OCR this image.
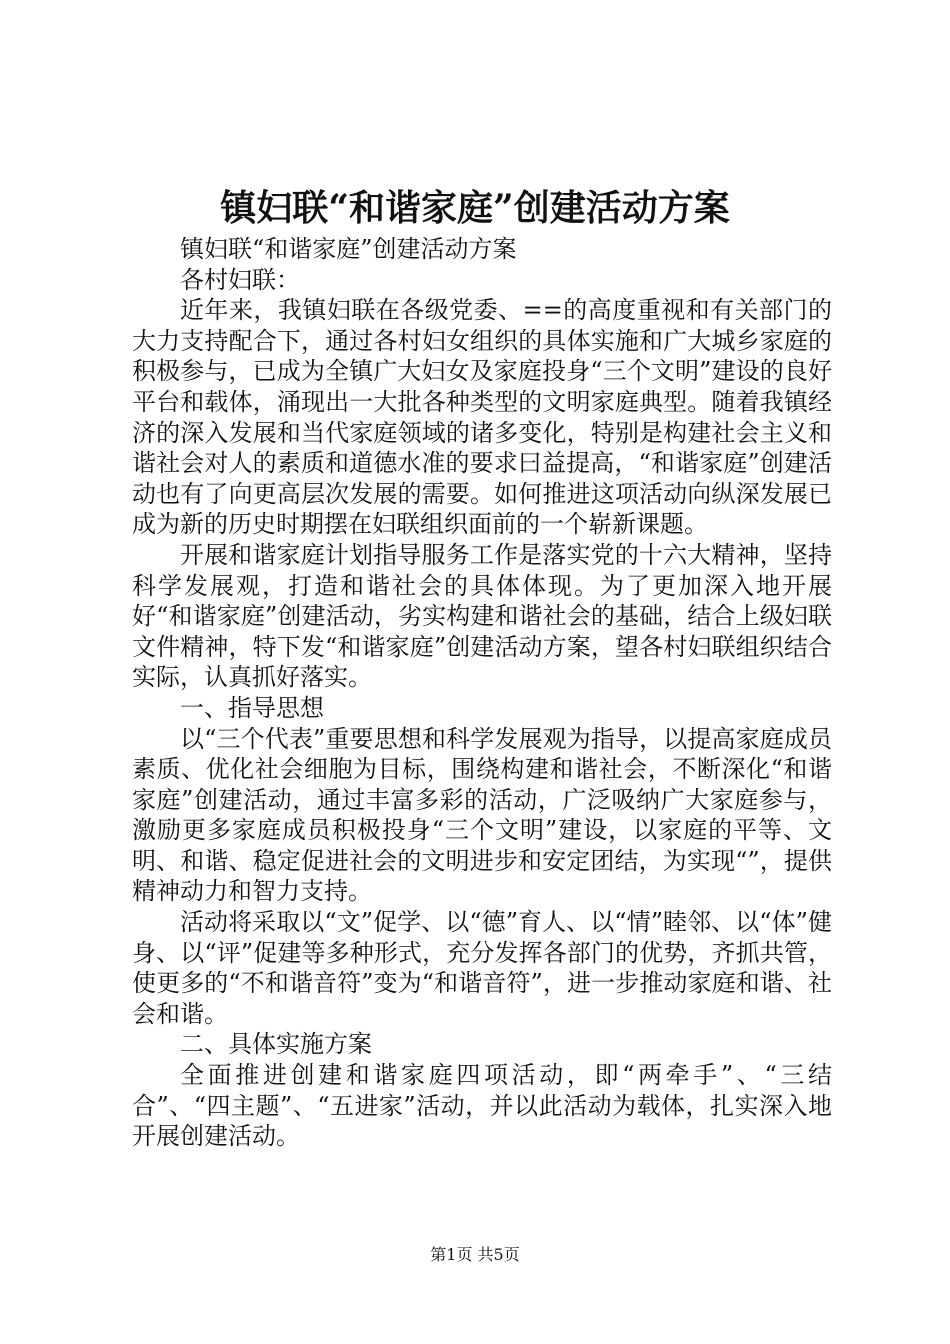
镇妇联“和谐家庭”创建活动方案

镇妇联“和谐家庭”创建活动方案

各村妇联：

近年来，我镇妇联在各级党委、==的高度重视和有关部门的大力支持配合下，通过各村妇女组织的具体实施和广大城乡家庭的积极参与，已成为全镇广大妇女及家庭投身“三个文明”建设的良好平台和载体，涌现出一大批各种类型的文明家庭典型。随着我镇经济的深入发展和当代家庭领域的诸多变化，特别是构建社会主义和谐社会对人的素质和道德水准的要求曰益提高，“和谐家庭”创建活动也有了向更高层次发展的需要。如何推进这项活动向纵深发展已成为新的历史时期摆在妇联组织面前的一个崭新课题。

开展和谐家庭计划指导服务工作是落实党的十六大精神，坚持科学发展观，打造和谐社会的具体体现。为了更加深入地开展好“和谐家庭”创建活动，劣实构建和谐社会的基础，结合上级妇联文件精神，特下发“和谐家庭”创建活动方案，望各村妇联组织结合实际，认真抓好落实。

一、指导思想

以“三个代表”重要思想和科学发展观为指导，以提高家庭成员素质、优化社会细胞为目标，围绕构建和谐社会，不断深化“和谐家庭”创建活动，通过丰富多彩的活动，广泛吸纳广大家庭参与，激励更多家庭成员积极投身“三个文明”建设，以家庭的平等、文明、和谐、稳定促进社会的文明进步和安定团结，为实现“”，提供精神动力和智力支持。

活动将采取以“文”促学、以“德”育人、以“情”睦邻、以“体”健身、以“评”促建等多种形式，充分发挥各部门的优势，齐抓共管，使更多的“不和谐音符”变为“和谐音符”，进一步推动家庭和谐、社会和谐。

二、具体实施方案

全面推进创建和谐家庭四项活动，即“两牵手”、“三结合”、“四主题”、“五进家”活动，并以此活动为载体，扎实深入地开展创建活动。

第1页 共5页
